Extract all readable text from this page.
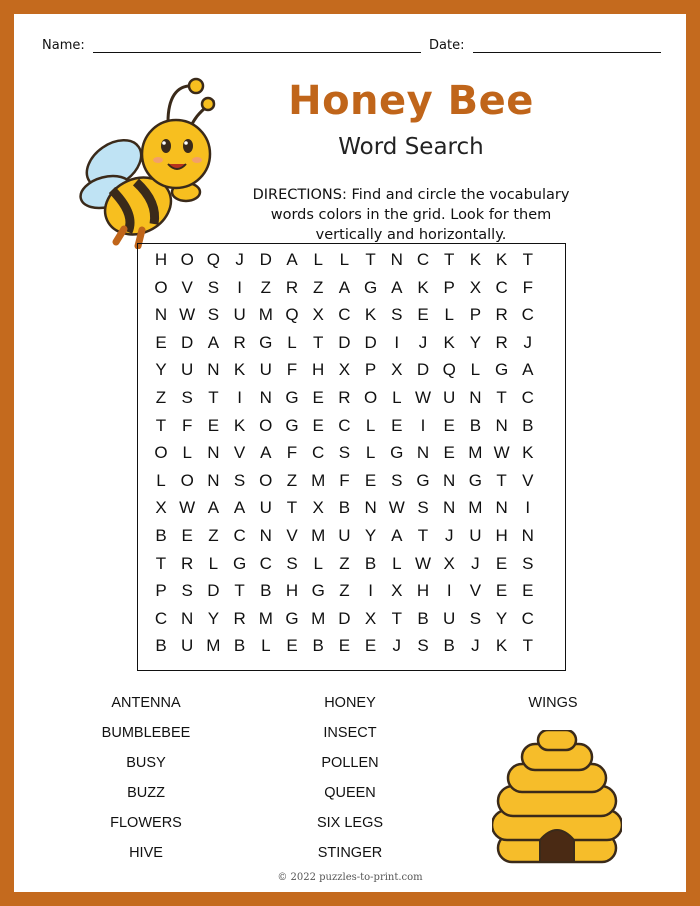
Name:	Date:
Honey Bee
Word Search
DIRECTIONS: Find and circle the vocabulary words colors in the grid. Look for them vertically and horizontally.
H O Q J D A L L T N C T K K T
O V S	I	Z R Z A G A K P X C F
N W S U M Q X C K S E L P R C
E D A R G L T D D	I	J K Y R J
Y U N K U F H X P X D Q L G A
Z S T	I	N G E R O L W U N T C
T F E K O G E C L E	I	E B N B
O L N V A F C S L G N E M W K
L O N S O Z M F E S G N G T V
X W A A U T X B N W S N M N	I
B E Z C N V M U Y A T J U H N
T R L G C S L Z B L W X J E S
P S D T B H G Z	I	X H	I	V E E
C N Y R M G M D X T B U S Y C
B U M B L E B E E J S B J K T
ANTENNA
BUMBLEBEE
BUSY
BUZZ
FLOWERS
HIVE
HONEY
INSECT
POLLEN
QUEEN
SIX LEGS
STINGER
WINGS
© 2022 puzzles-to-print.com
